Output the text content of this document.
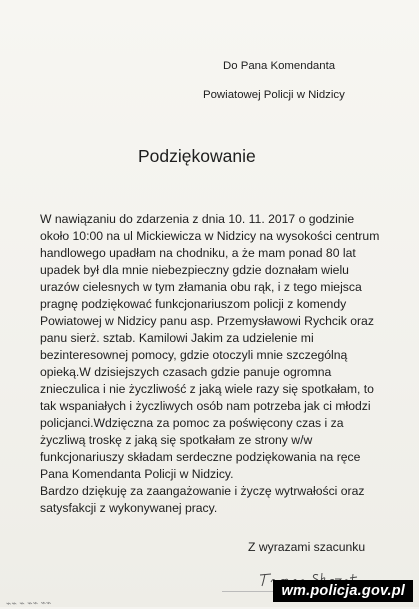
Do Pana Komendanta
Powiatowej Policji w Nidzicy
Podziękowanie
W nawiązaniu do zdarzenia z dnia 10. 11. 2017 o godzinie
około 10:00 na ul Mickiewicza w Nidzicy na wysokości centrum
handlowego upadłam na chodniku, a że mam ponad 80 lat
upadek był dla mnie niebezpieczny gdzie doznałam wielu
urazów cielesnych w tym złamania obu rąk, i z tego miejsca
pragnę podziękować funkcjonariuszom policji z komendy
Powiatowej w Nidzicy panu asp. Przemysławowi Rychcik oraz
panu sierż. sztab. Kamilowi Jakim za udzielenie mi
bezinteresownej pomocy, gdzie otoczyli mnie szczególną
opieką.W dzisiejszych czasach gdzie panuje ogromna
znieczulica i nie życzliwość z jaką wiele razy się spotkałam, to
tak wspaniałych i życzliwych osób nam potrzeba jak ci młodzi
policjanci.Wdzięczna za pomoc za poświęcony czas i za
życzliwą troskę z jaką się spotkałam ze strony w/w
funkcjonariuszy składam serdeczne podziękowania na ręce
Pana Komendanta Policji w Nidzicy.
Bardzo dziękuję za zaangażowanie i życzę wytrwałości oraz
satysfakcji z wykonywanej pracy.
Z wyrazami szacunku
⌁⌁ ⌁ ⌁⌁ ⌁⌁
wm.policja.gov.pl
